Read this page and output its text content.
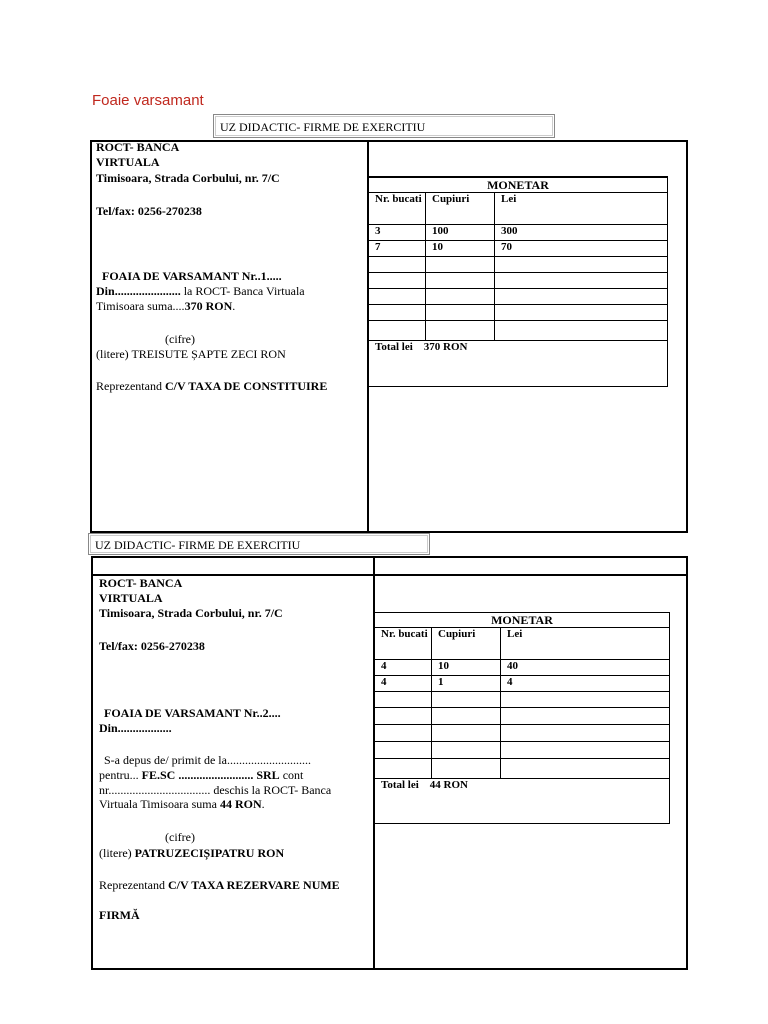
Foaie varsamant
UZ DIDACTIC- FIRME DE EXERCITIU
ROCT- BANCA
VIRTUALA
Timisoara, Strada Corbului, nr. 7/C
Tel/fax: 0256-270238
FOAIA DE VARSAMANT Nr..1.....
Din...................... la ROCT- Banca Virtuala
Timisoara suma....370 RON.
(cifre)
(litere) TREISUTE ȘAPTE ZECI RON
Reprezentand C/V TAXA DE CONSTITUIRE
MONETAR
Nr. bucati	Cupiuri	Lei
3	100	300
7	10	70

Total lei 370 RON		
UZ DIDACTIC- FIRME DE EXERCITIU
ROCT- BANCA
VIRTUALA
Timisoara, Strada Corbului, nr. 7/C
Tel/fax: 0256-270238
FOAIA DE VARSAMANT Nr..2....
Din..................
S-a depus de/ primit de la............................
pentru... FE.SC ......................... SRL cont
nr.................................. deschis la ROCT- Banca
Virtuala Timisoara suma 44 RON.
(cifre)
(litere) PATRUZECIȘIPATRU RON
Reprezentand C/V TAXA REZERVARE NUME
FIRMĂ
MONETAR
Nr. bucati	Cupiuri	Lei
4	10	40
4	1	4

Total lei 44 RON		
